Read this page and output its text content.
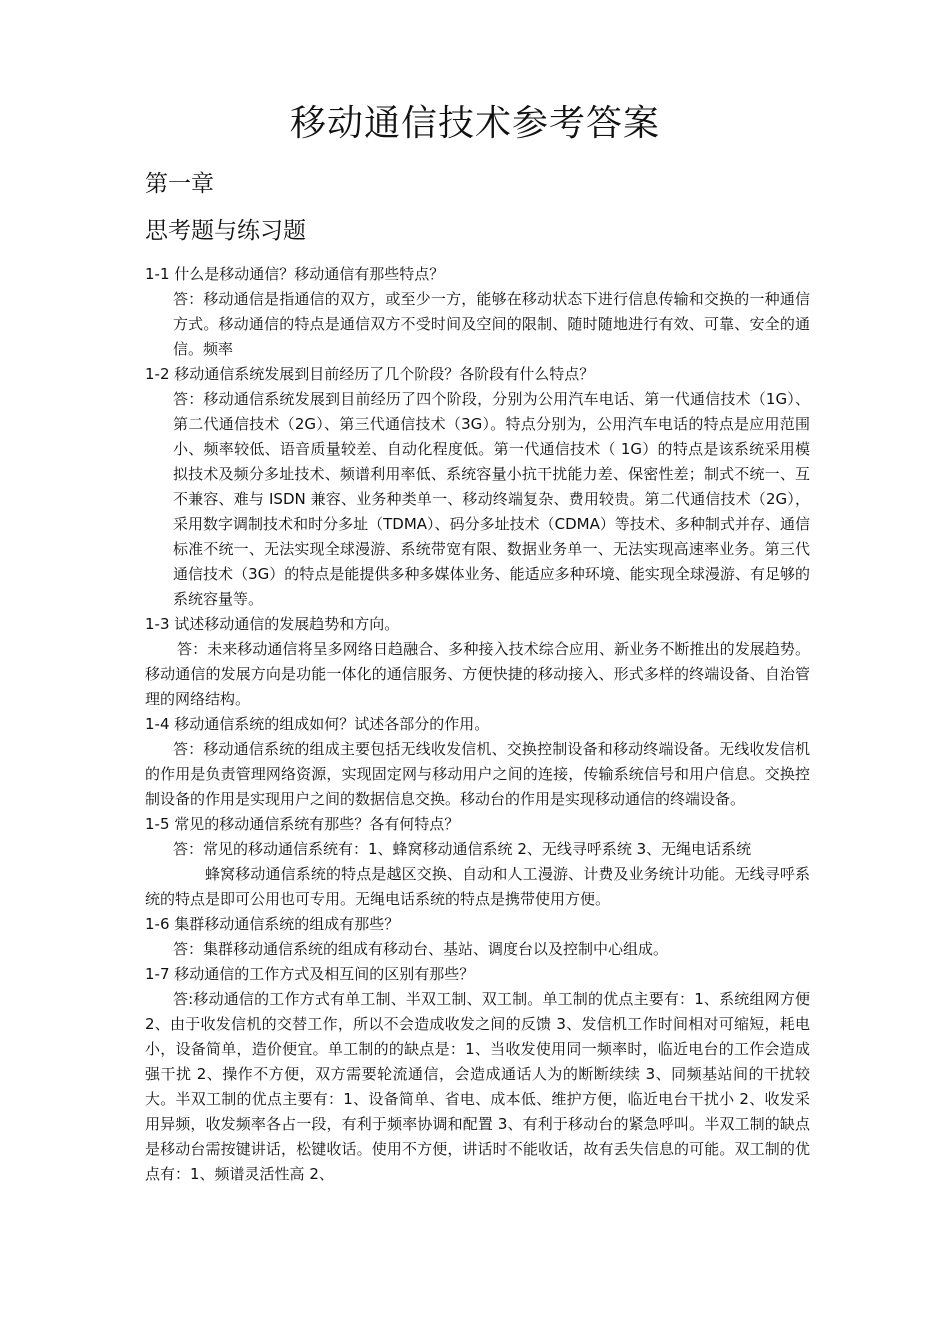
移动通信技术参考答案
第一章
思考题与练习题
1-1 什么是移动通信？移动通信有那些特点？
答：移动通信是指通信的双方，或至少一方，能够在移动状态下进行信息传输和交换的一种通信方式。移动通信的特点是通信双方不受时间及空间的限制、随时随地进行有效、可靠、安全的通信。频率
1-2 移动通信系统发展到目前经历了几个阶段？各阶段有什么特点？
答：移动通信系统发展到目前经历了四个阶段，分别为公用汽车电话、第一代通信技术（1G）、第二代通信技术（2G）、第三代通信技术（3G）。特点分别为，公用汽车电话的特点是应用范围小、频率较低、语音质量较差、自动化程度低。第一代通信技术（ 1G）的特点是该系统采用模拟技术及频分多址技术、频谱利用率低、系统容量小抗干扰能力差、保密性差；制式不统一、互不兼容、难与 ISDN 兼容、业务种类单一、移动终端复杂、费用较贵。第二代通信技术（2G），采用数字调制技术和时分多址（TDMA）、码分多址技术（CDMA）等技术、多种制式并存、通信标准不统一、无法实现全球漫游、系统带宽有限、数据业务单一、无法实现高速率业务。第三代通信技术（3G）的特点是能提供多种多媒体业务、能适应多种环境、能实现全球漫游、有足够的系统容量等。
1-3 试述移动通信的发展趋势和方向。
答：未来移动通信将呈多网络日趋融合、多种接入技术综合应用、新业务不断推出的发展趋势。移动通信的发展方向是功能一体化的通信服务、方便快捷的移动接入、形式多样的终端设备、自治管理的网络结构。
1-4 移动通信系统的组成如何？试述各部分的作用。
答：移动通信系统的组成主要包括无线收发信机、交换控制设备和移动终端设备。无线收发信机的作用是负责管理网络资源，实现固定网与移动用户之间的连接，传输系统信号和用户信息。交换控制设备的作用是实现用户之间的数据信息交换。移动台的作用是实现移动通信的终端设备。
1-5 常见的移动通信系统有那些？各有何特点？
答：常见的移动通信系统有：1、蜂窝移动通信系统 2、无线寻呼系统 3、无绳电话系统
蜂窝移动通信系统的特点是越区交换、自动和人工漫游、计费及业务统计功能。无线寻呼系统的特点是即可公用也可专用。无绳电话系统的特点是携带使用方便。
1-6 集群移动通信系统的组成有那些？
答：集群移动通信系统的组成有移动台、基站、调度台以及控制中心组成。
1-7 移动通信的工作方式及相互间的区别有那些？
答:移动通信的工作方式有单工制、半双工制、双工制。单工制的优点主要有：1、系统组网方便 2、由于收发信机的交替工作，所以不会造成收发之间的反馈 3、发信机工作时间相对可缩短，耗电小，设备简单，造价便宜。单工制的的缺点是：1、当收发使用同一频率时，临近电台的工作会造成强干扰 2、操作不方便，双方需要轮流通信，会造成通话人为的断断续续 3、同频基站间的干扰较大。半双工制的优点主要有：1、设备简单、省电、成本低、维护方便，临近电台干扰小 2、收发采用异频，收发频率各占一段，有利于频率协调和配置 3、有利于移动台的紧急呼叫。半双工制的缺点是移动台需按键讲话，松键收话。使用不方便，讲话时不能收话，故有丢失信息的可能。双工制的优点有：1、频谱灵活性高 2、
